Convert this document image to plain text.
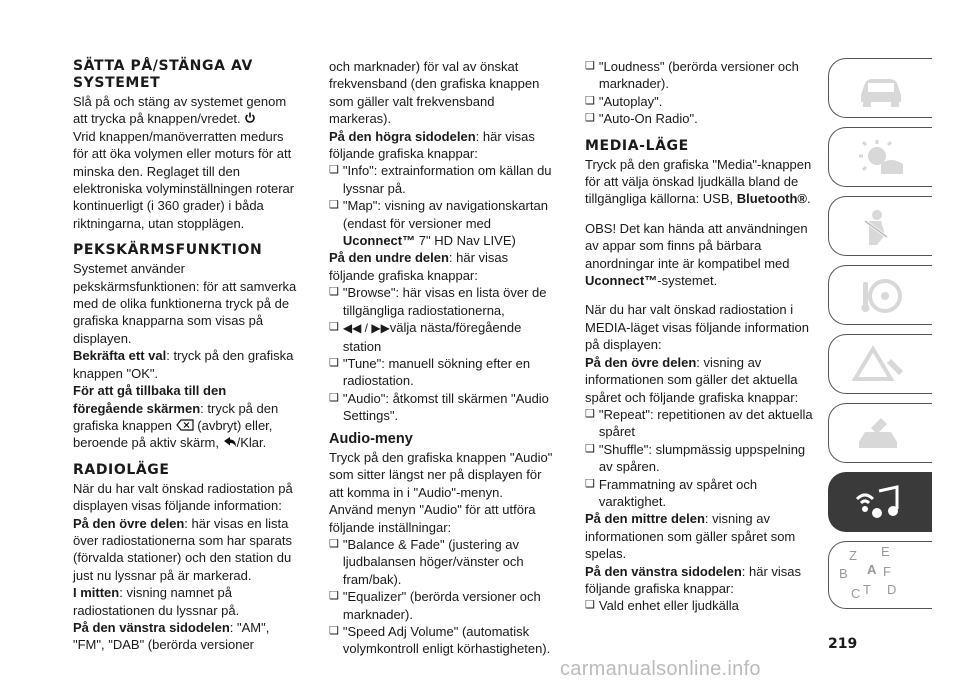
SÄTTA PÅ/STÄNGA AV SYSTEMET

Slå på och stäng av systemet genom att trycka på knappen/vredet.

Vrid knappen/manöverratten medurs för att öka volymen eller moturs för att minska den. Reglaget till den elektroniska volyminställningen roterar kontinuerligt (i 360 grader) i båda riktningarna, utan stopplägen.

PEKSKÄRMSFUNKTION

Systemet använder pekskärmsfunktionen: för att samverka med de olika funktionerna tryck på de grafiska knapparna som visas på displayen.

Bekräfta ett val: tryck på den grafiska knappen "OK".

För att gå tillbaka till den föregående skärmen: tryck på den grafiska knappen (avbryt) eller, beroende på aktiv skärm, /Klar.

RADIOLÄGE

När du har valt önskad radiostation på displayen visas följande information:

På den övre delen: här visas en lista över radiostationerna som har sparats (förvalda stationer) och den station du just nu lyssnar på är markerad.

I mitten: visning namnet på radiostationen du lyssnar på.

På den vänstra sidodelen: "AM", "FM", "DAB" (berörda versioner

och marknader) för val av önskat frekvensband (den grafiska knappen som gäller valt frekvensband markeras).

På den högra sidodelen: här visas följande grafiska knappar:

❑ "Info": extrainformation om källan du lyssnar på.
❑ "Map": visning av navigationskartan (endast för versioner med Uconnect™ 7" HD Nav LIVE)

På den undre delen: här visas följande grafiska knappar:

❑ "Browse": här visas en lista över de tillgängliga radiostationerna,
❑ ◀◀ / ▶▶välja nästa/föregående station
❑ "Tune": manuell sökning efter en radiostation.
❑ "Audio": åtkomst till skärmen "Audio Settings".
Audio-meny

Tryck på den grafiska knappen "Audio" som sitter längst ner på displayen för att komma in i "Audio"-menyn.

Använd menyn "Audio" för att utföra följande inställningar:

❑ "Balance & Fade" (justering av ljudbalansen höger/vänster och fram/bak).
❑ "Equalizer" (berörda versioner och marknader).
❑ "Speed Adj Volume" (automatisk volymkontroll enligt körhastigheten).
❑ "Loudness" (berörda versioner och marknader).
❑ "Autoplay".
❑ "Auto-On Radio".
MEDIA-LÄGE

Tryck på den grafiska "Media"-knappen för att välja önskad ljudkälla bland de tillgängliga källorna: USB, Bluetooth®.

OBS! Det kan hända att användningen av appar som finns på bärbara anordningar inte är kompatibel med Uconnect™-systemet.

När du har valt önskad radiostation i MEDIA-läget visas följande information på displayen:

På den övre delen: visning av informationen som gäller det aktuella spåret och följande grafiska knappar:

❑ "Repeat": repetitionen av det aktuella spåret
❑ "Shuffle": slumpmässig uppspelning av spåren.
❑ Frammatning av spåret och varaktighet.

På den mittre delen: visning av informationen som gäller spåret som spelas.

På den vänstra sidodelen: här visas följande grafiska knappar:

❑ Vald enhet eller ljudkälla
Z E
B	F
C T D
A
219
carmanualsonline.info
